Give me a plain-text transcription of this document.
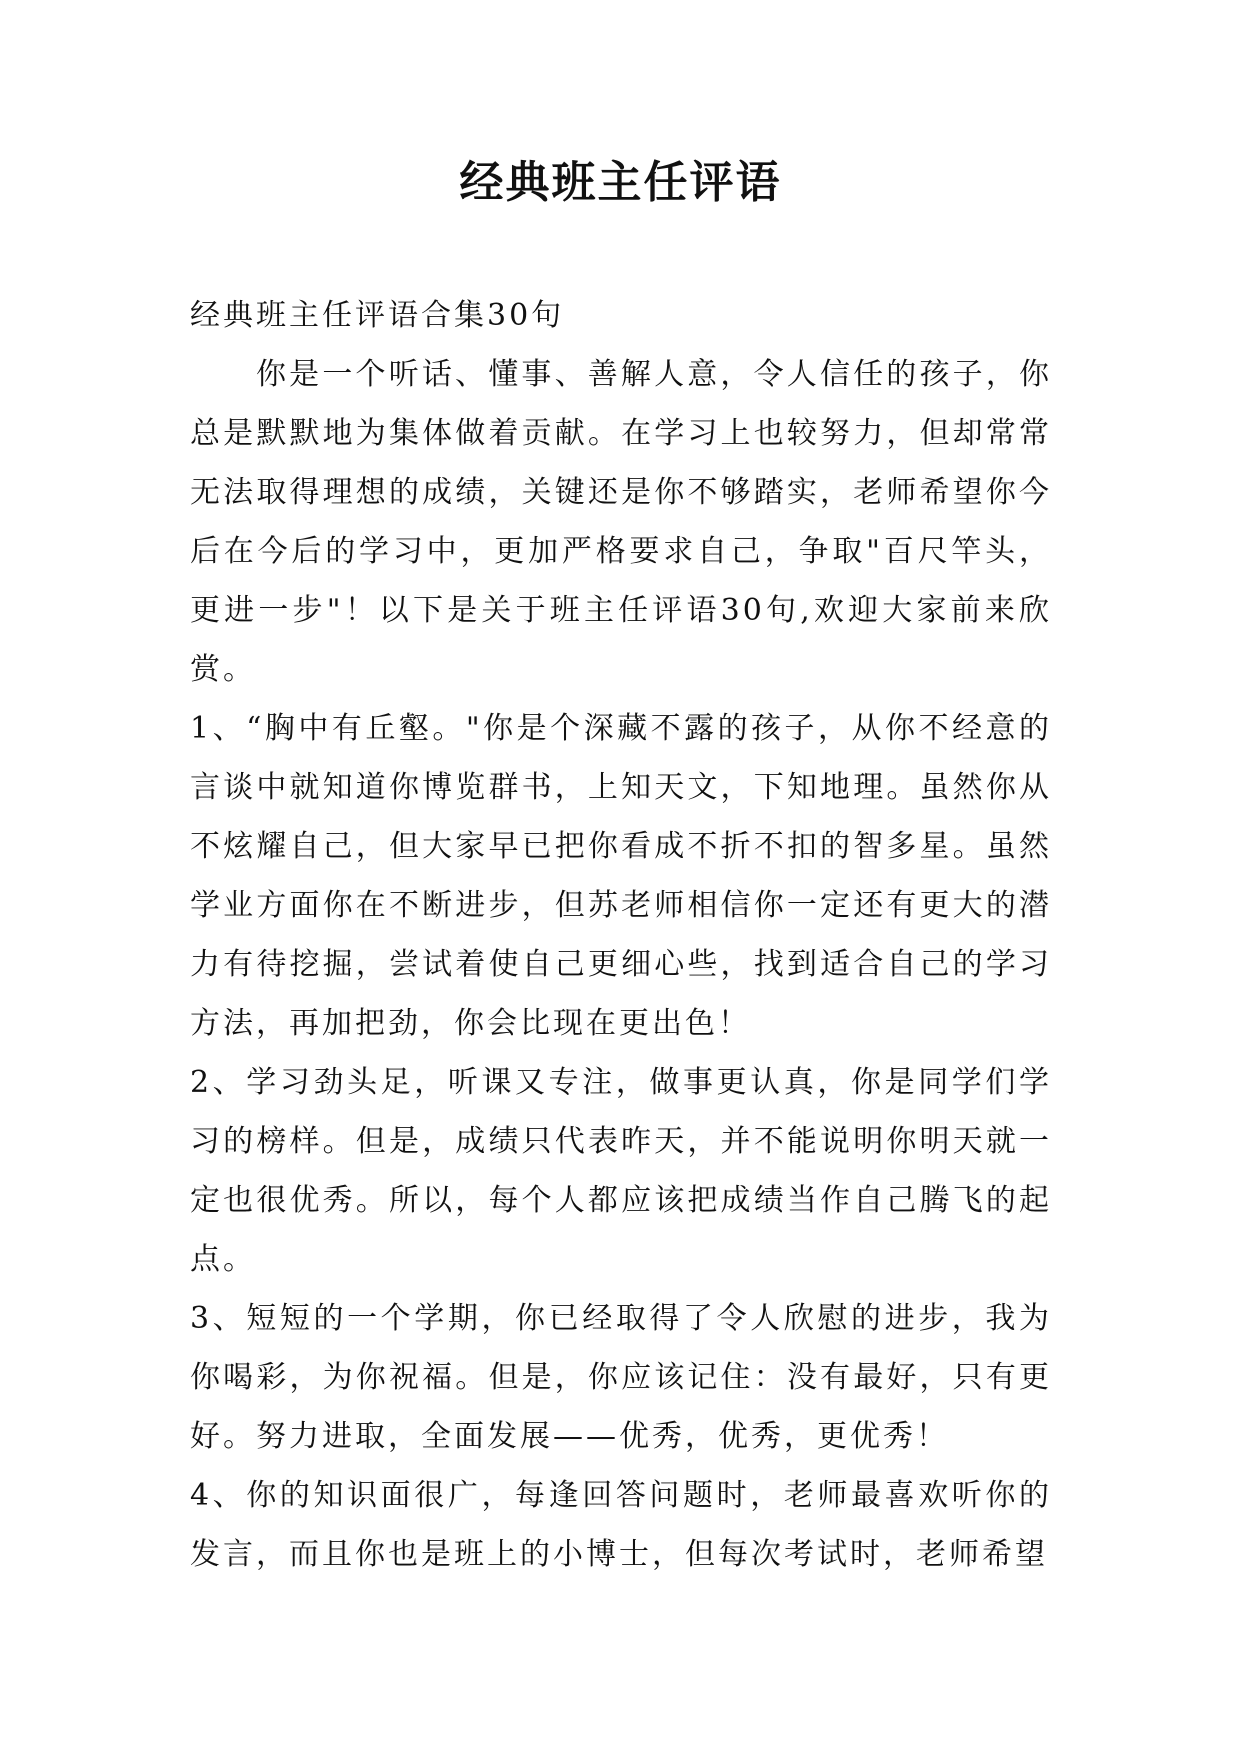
经典班主任评语

经典班主任评语合集30句

你是一个听话、懂事、善解人意，令人信任的孩子，你总是默默地为集体做着贡献。在学习上也较努力，但却常常无法取得理想的成绩，关键还是你不够踏实，老师希望你今后在今后的学习中，更加严格要求自己，争取"百尺竿头，更进一步"！以下是关于班主任评语30句,欢迎大家前来欣赏。

1、“胸中有丘壑。"你是个深藏不露的孩子，从你不经意的言谈中就知道你博览群书，上知天文，下知地理。虽然你从不炫耀自己，但大家早已把你看成不折不扣的智多星。虽然学业方面你在不断进步，但苏老师相信你一定还有更大的潜力有待挖掘，尝试着使自己更细心些，找到适合自己的学习方法，再加把劲，你会比现在更出色！

2、学习劲头足，听课又专注，做事更认真，你是同学们学习的榜样。但是，成绩只代表昨天，并不能说明你明天就一定也很优秀。所以，每个人都应该把成绩当作自己腾飞的起点。

3、短短的一个学期，你已经取得了令人欣慰的进步，我为你喝彩，为你祝福。但是，你应该记住：没有最好，只有更好。努力进取，全面发展——优秀，优秀，更优秀！

4、你的知识面很广，每逢回答问题时，老师最喜欢听你的发言，而且你也是班上的小博士，但每次考试时，老师希望
